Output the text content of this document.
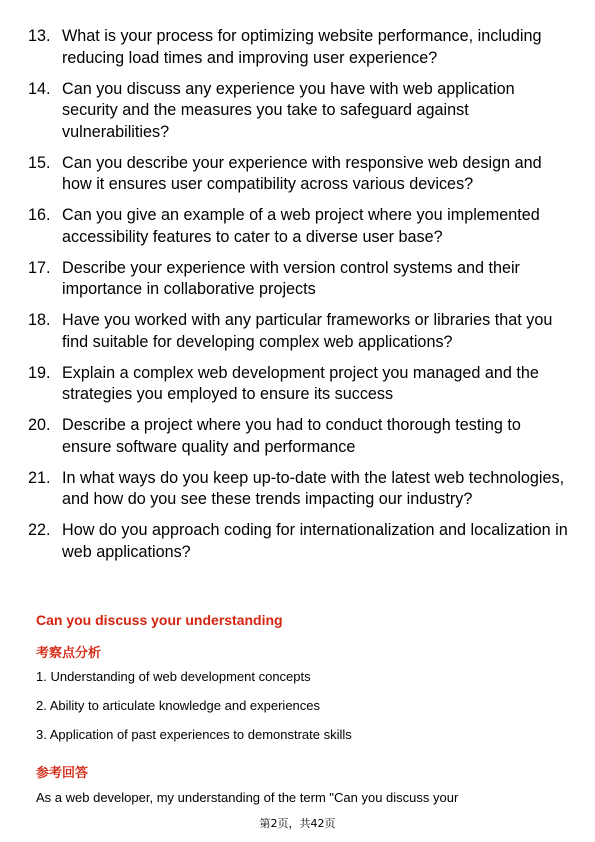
13. What is your process for optimizing website performance, including reducing load times and improving user experience?
14. Can you discuss any experience you have with web application security and the measures you take to safeguard against vulnerabilities?
15. Can you describe your experience with responsive web design and how it ensures user compatibility across various devices?
16. Can you give an example of a web project where you implemented accessibility features to cater to a diverse user base?
17. Describe your experience with version control systems and their importance in collaborative projects
18. Have you worked with any particular frameworks or libraries that you find suitable for developing complex web applications?
19. Explain a complex web development project you managed and the strategies you employed to ensure its success
20. Describe a project where you had to conduct thorough testing to ensure software quality and performance
21. In what ways do you keep up-to-date with the latest web technologies, and how do you see these trends impacting our industry?
22. How do you approach coding for internationalization and localization in web applications?
Can you discuss your understanding
考察点分析
1. Understanding of web development concepts
2. Ability to articulate knowledge and experiences
3. Application of past experiences to demonstrate skills
参考回答
As a web developer, my understanding of the term "Can you discuss your
第2页，共42页
